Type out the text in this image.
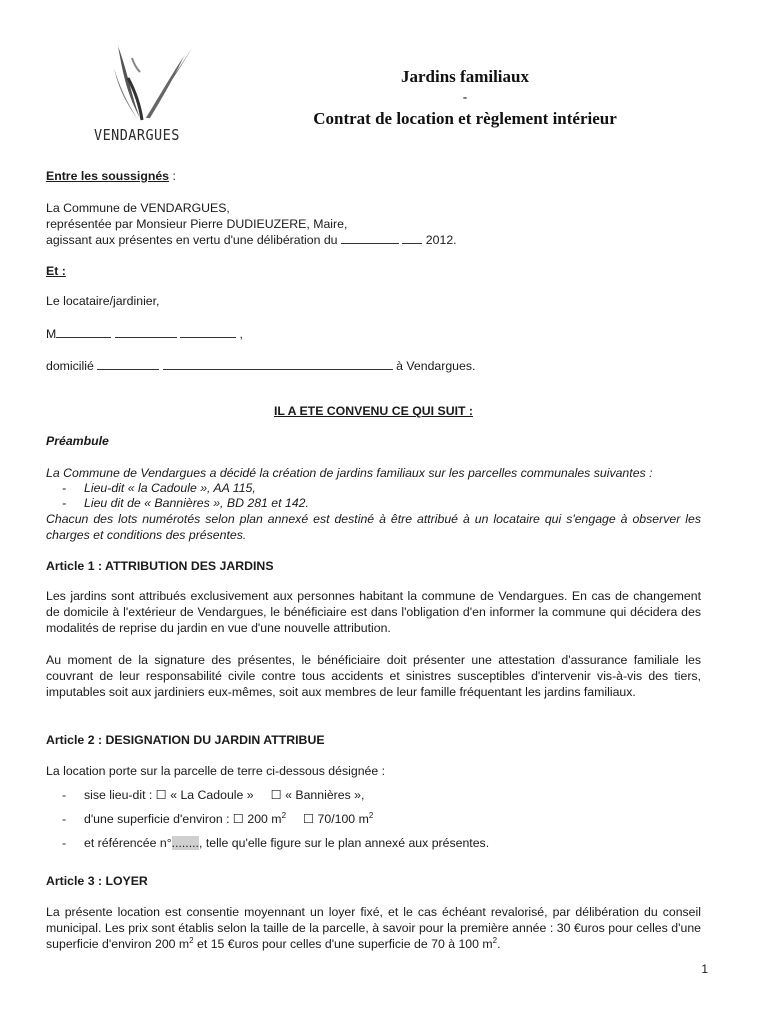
VENDARGUES
Jardins familiaux
-
Contrat de location et règlement intérieur
Entre les soussignés :
La Commune de VENDARGUES,
représentée par Monsieur Pierre DUDIEUZERE, Maire,
agissant aux présentes en vertu d'une délibération du	2012.
Et :
Le locataire/jardinier,
M	,
domicilié	à Vendargues.
IL A ETE CONVENU CE QUI SUIT :
Préambule
La Commune de Vendargues a décidé la création de jardins familiaux sur les parcelles communales suivantes :
- Lieu-dit « la Cadoule », AA 115,
- Lieu dit de « Bannières », BD 281 et 142.
Chacun des lots numérotés selon plan annexé est destiné à être attribué à un locataire qui s'engage à observer les charges et conditions des présentes.
Article 1 : ATTRIBUTION DES JARDINS
Les jardins sont attribués exclusivement aux personnes habitant la commune de Vendargues. En cas de changement de domicile à l'extérieur de Vendargues, le bénéficiaire est dans l'obligation d'en informer la commune qui décidera des modalités de reprise du jardin en vue d'une nouvelle attribution.
Au moment de la signature des présentes, le bénéficiaire doit présenter une attestation d'assurance familiale les couvrant de leur responsabilité civile contre tous accidents et sinistres susceptibles d'intervenir vis-à-vis des tiers, imputables soit aux jardiniers eux-mêmes, soit aux membres de leur famille fréquentant les jardins familiaux.
Article 2 : DESIGNATION DU JARDIN ATTRIBUE
La location porte sur la parcelle de terre ci-dessous désignée :
- sise lieu-dit : ☐ « La Cadoule »     ☐ « Bannières »,
- d'une superficie d'environ : ☐ 200 $m^2$     ☐ 70/100 $m^2$
- et référencée n°........, telle qu'elle figure sur le plan annexé aux présentes.
Article 3 : LOYER
La présente location est consentie moyennant un loyer fixé, et le cas échéant revalorisé, par délibération du conseil municipal. Les prix sont établis selon la taille de la parcelle, à savoir pour la première année : 30 €uros pour celles d'une superficie d'environ 200 $m^2$ et 15 €uros pour celles d'une superficie de 70 à 100 $m^2$.
1
